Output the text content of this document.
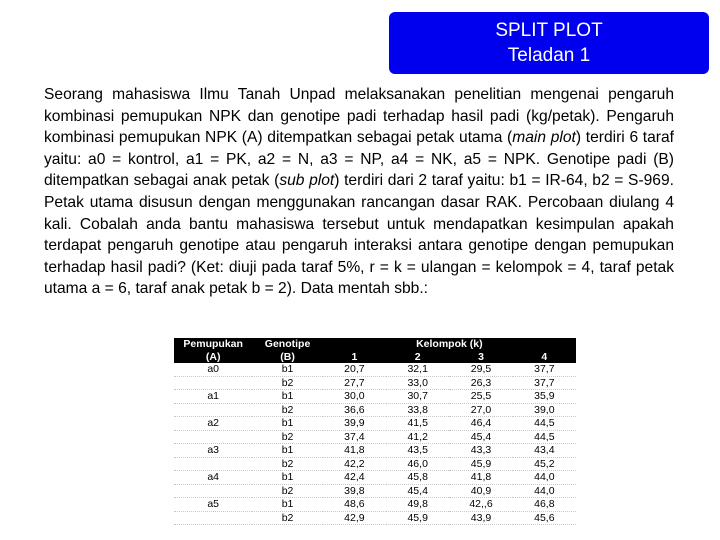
SPLIT PLOT
Teladan 1

Seorang mahasiswa Ilmu Tanah Unpad melaksanakan penelitian mengenai pengaruh kombinasi pemupukan NPK dan genotipe padi terhadap hasil padi (kg/petak). Pengaruh kombinasi pemupukan NPK (A) ditempatkan sebagai petak utama (main plot) terdiri 6 taraf yaitu: a0 = kontrol, a1 = PK, a2 = N, a3 = NP, a4 = NK, a5 = NPK. Genotipe padi (B) ditempatkan sebagai anak petak (sub plot) terdiri dari 2 taraf yaitu: b1 = IR-64, b2 = S-969. Petak utama disusun dengan menggunakan rancangan dasar RAK. Percobaan diulang 4 kali. Cobalah anda bantu mahasiswa tersebut untuk mendapatkan kesimpulan apakah terdapat pengaruh genotipe atau pengaruh interaksi antara genotipe dengan pemupukan terhadap hasil padi? (Ket: diuji pada taraf 5%, r = k = ulangan = kelompok = 4, taraf petak utama a = 6, taraf anak petak b = 2). Data mentah sbb.:

Pemupukan	Genotipe	Kelompok (k)			
(A)	(B)	1	2	3	4
a0	b1	20,7	32,1	29,5	37,7
	b2	27,7	33,0	26,3	37,7
a1	b1	30,0	30,7	25,5	35,9
	b2	36,6	33,8	27,0	39,0
a2	b1	39,9	41,5	46,4	44,5
	b2	37,4	41,2	45,4	44,5
a3	b1	41,8	43,5	43,3	43,4
	b2	42,2	46,0	45,9	45,2
a4	b1	42,4	45,8	41,8	44,0
	b2	39,8	45,4	40,9	44,0
a5	b1	48,6	49,8	42,,6	46,8
	b2	42,9	45,9	43,9	45,6
